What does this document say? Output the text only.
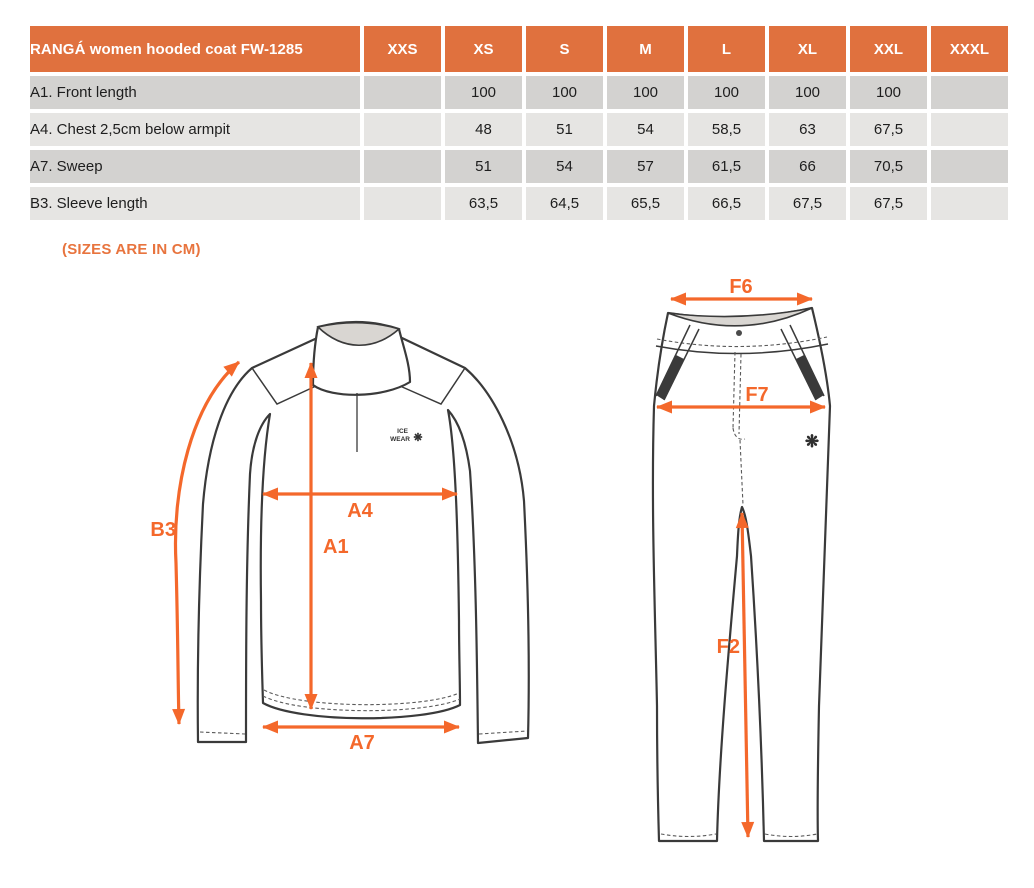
RANGÁ women hooded coat FW-1285	XXS	XS	S	M	L	XL	XXL	XXXL
A1. Front length		100	100	100	100	100	100	
A4. Chest 2,5cm below armpit		48	51	54	58,5	63	67,5	
A7. Sweep		51	54	57	61,5	66	70,5	
B3. Sleeve length		63,5	64,5	65,5	66,5	67,5	67,5	
(SIZES ARE IN CM)
ICE
WEAR ❋
B3
A4
A1
A7
❋
F6
F7
F2
